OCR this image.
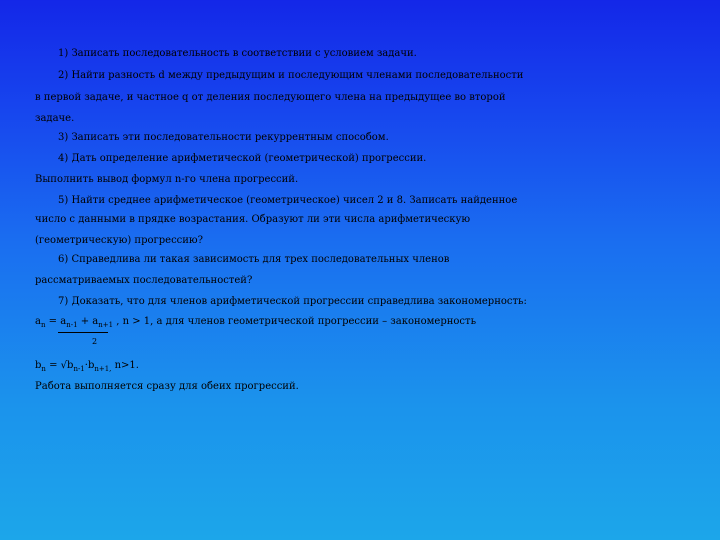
1) Записать последовательность в соответствии с условием задачи.
2) Найти разность d между предыдущим и последующим членами последовательности
в первой задаче, и частное q от деления последующего члена на предыдущее во второй
задаче.
3) Записать эти последовательности рекуррентным способом.
4) Дать определение арифметической (геометрической) прогрессии.
Выполнить вывод формул n-го члена прогрессий.
5) Найти среднее арифметическое (геометрическое) чисел 2 и 8. Записать найденное
число с данными в прядке возрастания. Образуют ли эти числа арифметическую
(геометрическую) прогрессию?
6) Справедлива ли такая зависимость для трех последовательных членов
рассматриваемых последовательностей?
7) Доказать, что для членов арифметической прогрессии справедлива закономерность:
$a_n = a_{n-1} + a_{n+1}$ , n > 1, а для членов геометрической прогрессии – закономерность
2
$b_n = √b_{n-1}\cdot b_{n+1,}$ n>1.
Работа выполняется сразу для обеих прогрессий.
